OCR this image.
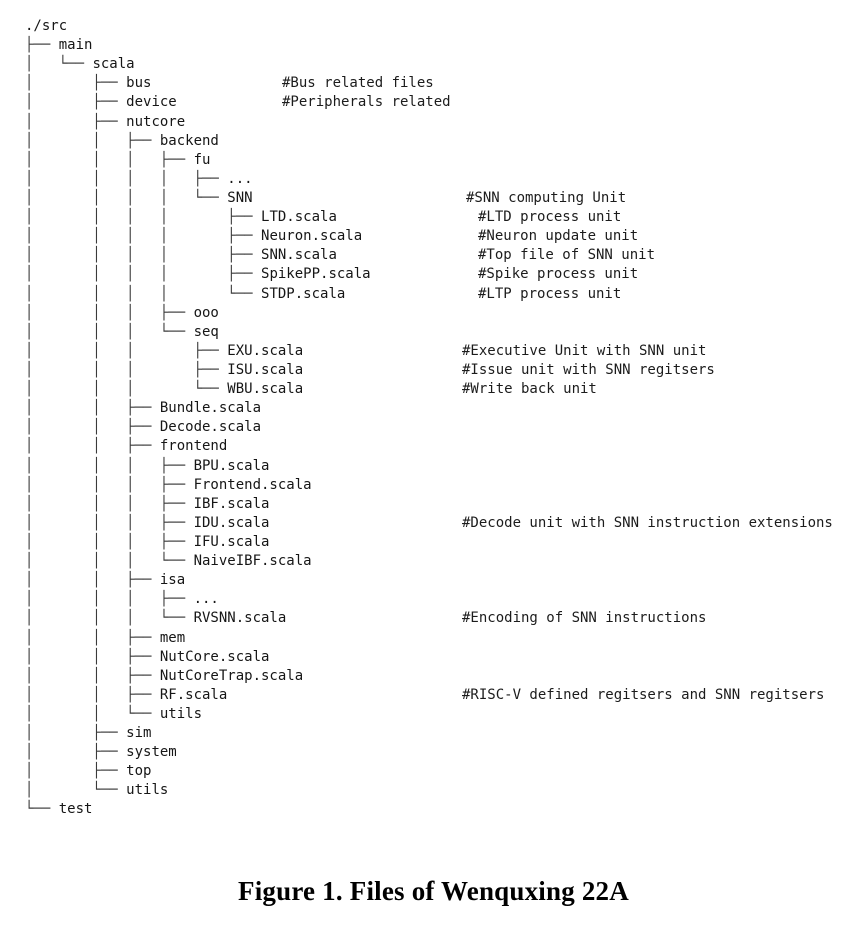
./src
├── main
│   └── scala
│       ├── bus	#Bus related files
│       ├── device	#Peripherals related
│       ├── nutcore
│       │   ├── backend
│       │   │   ├── fu
│       │   │   │   ├── ...
│       │   │   │   └── SNN	#SNN computing Unit
│       │   │   │       ├── LTD.scala	#LTD process unit
│       │   │   │       ├── Neuron.scala	#Neuron update unit
│       │   │   │       ├── SNN.scala	#Top file of SNN unit
│       │   │   │       ├── SpikePP.scala	#Spike process unit
│       │   │   │       └── STDP.scala	#LTP process unit
│       │   │   ├── ooo
│       │   │   └── seq
│       │   │       ├── EXU.scala	#Executive Unit with SNN unit
│       │   │       ├── ISU.scala	#Issue unit with SNN regitsers
│       │   │       └── WBU.scala	#Write back unit
│       │   ├── Bundle.scala
│       │   ├── Decode.scala
│       │   ├── frontend
│       │   │   ├── BPU.scala
│       │   │   ├── Frontend.scala
│       │   │   ├── IBF.scala
│       │   │   ├── IDU.scala	#Decode unit with SNN instruction extensions
│       │   │   ├── IFU.scala
│       │   │   └── NaiveIBF.scala
│       │   ├── isa
│       │   │   ├── ...
│       │   │   └── RVSNN.scala	#Encoding of SNN instructions
│       │   ├── mem
│       │   ├── NutCore.scala
│       │   ├── NutCoreTrap.scala
│       │   ├── RF.scala	#RISC-V defined regitsers and SNN regitsers
│       │   └── utils
│       ├── sim
│       ├── system
│       ├── top
│       └── utils
└── test
Figure 1. Files of Wenquxing 22A
